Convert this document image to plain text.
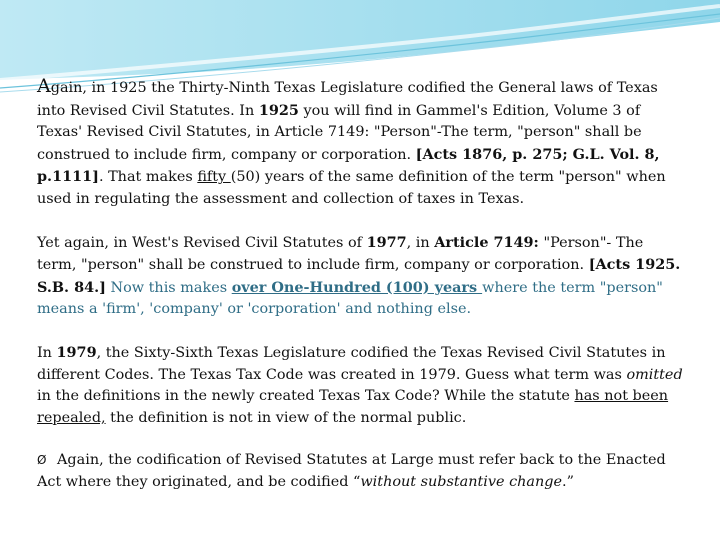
Again, in 1925 the Thirty-Ninth Texas Legislature codified the General laws of Texas into Revised Civil Statutes. In 1925 you will find in Gammel's Edition, Volume 3 of Texas' Revised Civil Statutes, in Article 7149: "Person"-The term, "person" shall be construed to include firm, company or corporation. [Acts 1876, p. 275; G.L. Vol. 8, p.1111]. That makes fifty (50) years of the same definition of the term "person" when used in regulating the assessment and collection of taxes in Texas.

Yet again, in West's Revised Civil Statutes of 1977, in Article 7149: "Person"- The term, "person" shall be construed to include firm, company or corporation. [Acts 1925. S.B. 84.] Now this makes over One-Hundred (100) years where the term "person" means a 'firm', 'company' or 'corporation' and nothing else.

In 1979, the Sixty-Sixth Texas Legislature codified the Texas Revised Civil Statutes in different Codes. The Texas Tax Code was created in 1979. Guess what term was omitted in the definitions in the newly created Texas Tax Code? While the statute has not been repealed, the definition is not in view of the normal public.

Ø Again, the codification of Revised Statutes at Large must refer back to the Enacted Act where they originated, and be codified “without substantive change.”
